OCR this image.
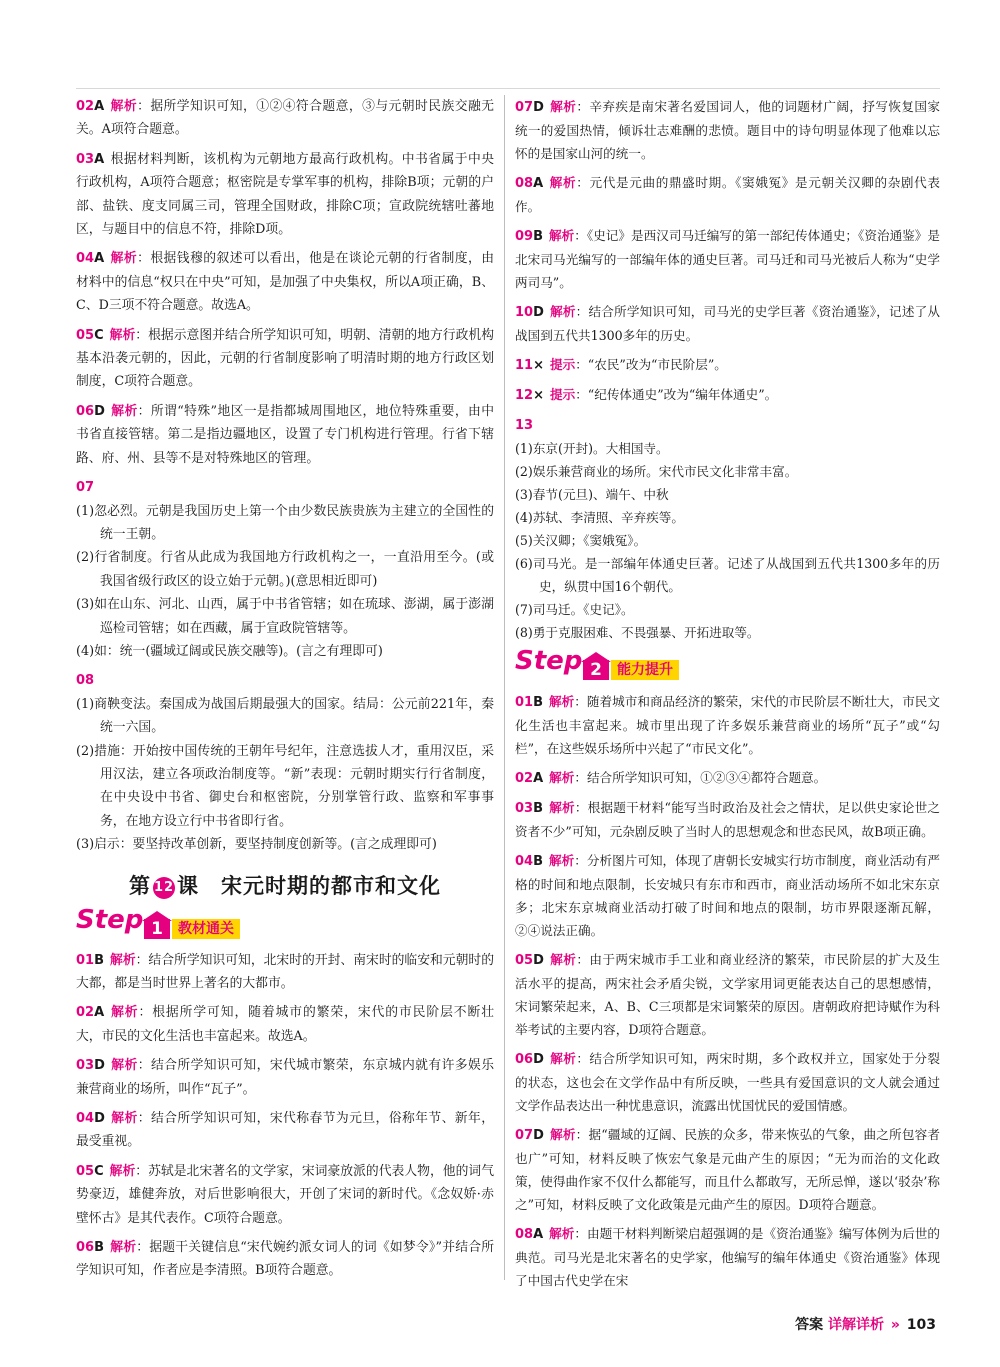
02A 解析：据所学知识可知，①②④符合题意，③与元朝时民族交融无关。A项符合题意。
03A 根据材料判断，该机构为元朝地方最高行政机构。中书省属于中央行政机构，A项符合题意；枢密院是专掌军事的机构，排除B项；元朝的户部、盐铁、度支同属三司，管理全国财政，排除C项；宣政院统辖吐蕃地区，与题目中的信息不符，排除D项。
04A 解析：根据钱穆的叙述可以看出，他是在谈论元朝的行省制度，由材料中的信息“权只在中央”可知，是加强了中央集权，所以A项正确，B、C、D三项不符合题意。故选A。
05C 解析：根据示意图并结合所学知识可知，明朝、清朝的地方行政机构基本沿袭元朝的，因此，元朝的行省制度影响了明清时期的地方行政区划制度，C项符合题意。
06D 解析：所谓“特殊”地区一是指都城周围地区，地位特殊重要，由中书省直接管辖。第二是指边疆地区，设置了专门机构进行管理。行省下辖路、府、州、县等不是对特殊地区的管理。
07
(1)忽必烈。元朝是我国历史上第一个由少数民族贵族为主建立的全国性的统一王朝。
(2)行省制度。行省从此成为我国地方行政机构之一，一直沿用至今。(或我国省级行政区的设立始于元朝。)(意思相近即可)
(3)如在山东、河北、山西，属于中书省管辖；如在琉球、澎湖，属于澎湖巡检司管辖；如在西藏，属于宣政院管辖等。
(4)如：统一(疆域辽阔或民族交融等)。(言之有理即可)
08
(1)商鞅变法。秦国成为战国后期最强大的国家。结局：公元前221年，秦统一六国。
(2)措施：开始按中国传统的王朝年号纪年，注意选拔人才，重用汉臣，采用汉法，建立各项政治制度等。“新”表现：元朝时期实行行省制度，在中央设中书省、御史台和枢密院，分别掌管行政、监察和军事事务，在地方设立行中书省即行省。
(3)启示：要坚持改革创新，要坚持制度创新等。(言之成理即可)
第 12 课　宋元时期的都市和文化
Step 1	教材通关
01B 解析：结合所学知识可知，北宋时的开封、南宋时的临安和元朝时的大都，都是当时世界上著名的大都市。
02A 解析：根据所学可知，随着城市的繁荣，宋代的市民阶层不断壮大，市民的文化生活也丰富起来。故选A。
03D 解析：结合所学知识可知，宋代城市繁荣，东京城内就有许多娱乐兼营商业的场所，叫作“瓦子”。
04D 解析：结合所学知识可知，宋代称春节为元旦，俗称年节、新年，最受重视。
05C 解析：苏轼是北宋著名的文学家，宋词豪放派的代表人物，他的词气势豪迈，雄健奔放，对后世影响很大，开创了宋词的新时代。《念奴娇·赤壁怀古》是其代表作。C项符合题意。
06B 解析：据题干关键信息“宋代婉约派女词人的词《如梦令》”并结合所学知识可知，作者应是李清照。B项符合题意。
07D 解析：辛弃疾是南宋著名爱国词人，他的词题材广阔，抒写恢复国家统一的爱国热情，倾诉壮志难酬的悲愤。题目中的诗句明显体现了他难以忘怀的是国家山河的统一。
08A 解析：元代是元曲的鼎盛时期。《窦娥冤》是元朝关汉卿的杂剧代表作。
09B 解析：《史记》是西汉司马迁编写的第一部纪传体通史；《资治通鉴》是北宋司马光编写的一部编年体的通史巨著。司马迁和司马光被后人称为“史学两司马”。
10D 解析：结合所学知识可知，司马光的史学巨著《资治通鉴》，记述了从战国到五代共1300多年的历史。
11× 提示：“农民”改为“市民阶层”。
12× 提示：“纪传体通史”改为“编年体通史”。
13
(1)东京(开封)。大相国寺。
(2)娱乐兼营商业的场所。宋代市民文化非常丰富。
(3)春节(元旦)、端午、中秋
(4)苏轼、李清照、辛弃疾等。
(5)关汉卿；《窦娥冤》。
(6)司马光。是一部编年体通史巨著。记述了从战国到五代共1300多年的历史，纵贯中国16个朝代。
(7)司马迁。《史记》。
(8)勇于克服困难、不畏强暴、开拓进取等。
Step 2	能力提升
01B 解析：随着城市和商品经济的繁荣，宋代的市民阶层不断壮大，市民文化生活也丰富起来。城市里出现了许多娱乐兼营商业的场所“瓦子”或“勾栏”，在这些娱乐场所中兴起了“市民文化”。
02A 解析：结合所学知识可知，①②③④都符合题意。
03B 解析：根据题干材料“能写当时政治及社会之情状，足以供史家论世之资者不少”可知，元杂剧反映了当时人的思想观念和世态民风，故B项正确。
04B 解析：分析图片可知，体现了唐朝长安城实行坊市制度，商业活动有严格的时间和地点限制，长安城只有东市和西市，商业活动场所不如北宋东京多；北宋东京城商业活动打破了时间和地点的限制，坊市界限逐渐瓦解，②④说法正确。
05D 解析：由于两宋城市手工业和商业经济的繁荣，市民阶层的扩大及生活水平的提高，两宋社会矛盾尖锐，文学家用词更能表达自己的思想感情，宋词繁荣起来，A、B、C三项都是宋词繁荣的原因。唐朝政府把诗赋作为科举考试的主要内容，D项符合题意。
06D 解析：结合所学知识可知，两宋时期，多个政权并立，国家处于分裂的状态，这也会在文学作品中有所反映，一些具有爱国意识的文人就会通过文学作品表达出一种忧患意识，流露出忧国忧民的爱国情感。
07D 解析：据“疆域的辽阔、民族的众多，带来恢弘的气象，曲之所包容者也广”可知，材料反映了恢宏气象是元曲产生的原因；“无为而治的文化政策，使得曲作家不仅什么都能写，而且什么都敢写，无所忌惮，遂以‘驳杂’称之”可知，材料反映了文化政策是元曲产生的原因。D项符合题意。
08A 解析：由题干材料判断梁启超强调的是《资治通鉴》编写体例为后世的典范。司马光是北宋著名的史学家，他编写的编年体通史《资治通鉴》体现了中国古代史学在宋
答案 详解详析 » 103
